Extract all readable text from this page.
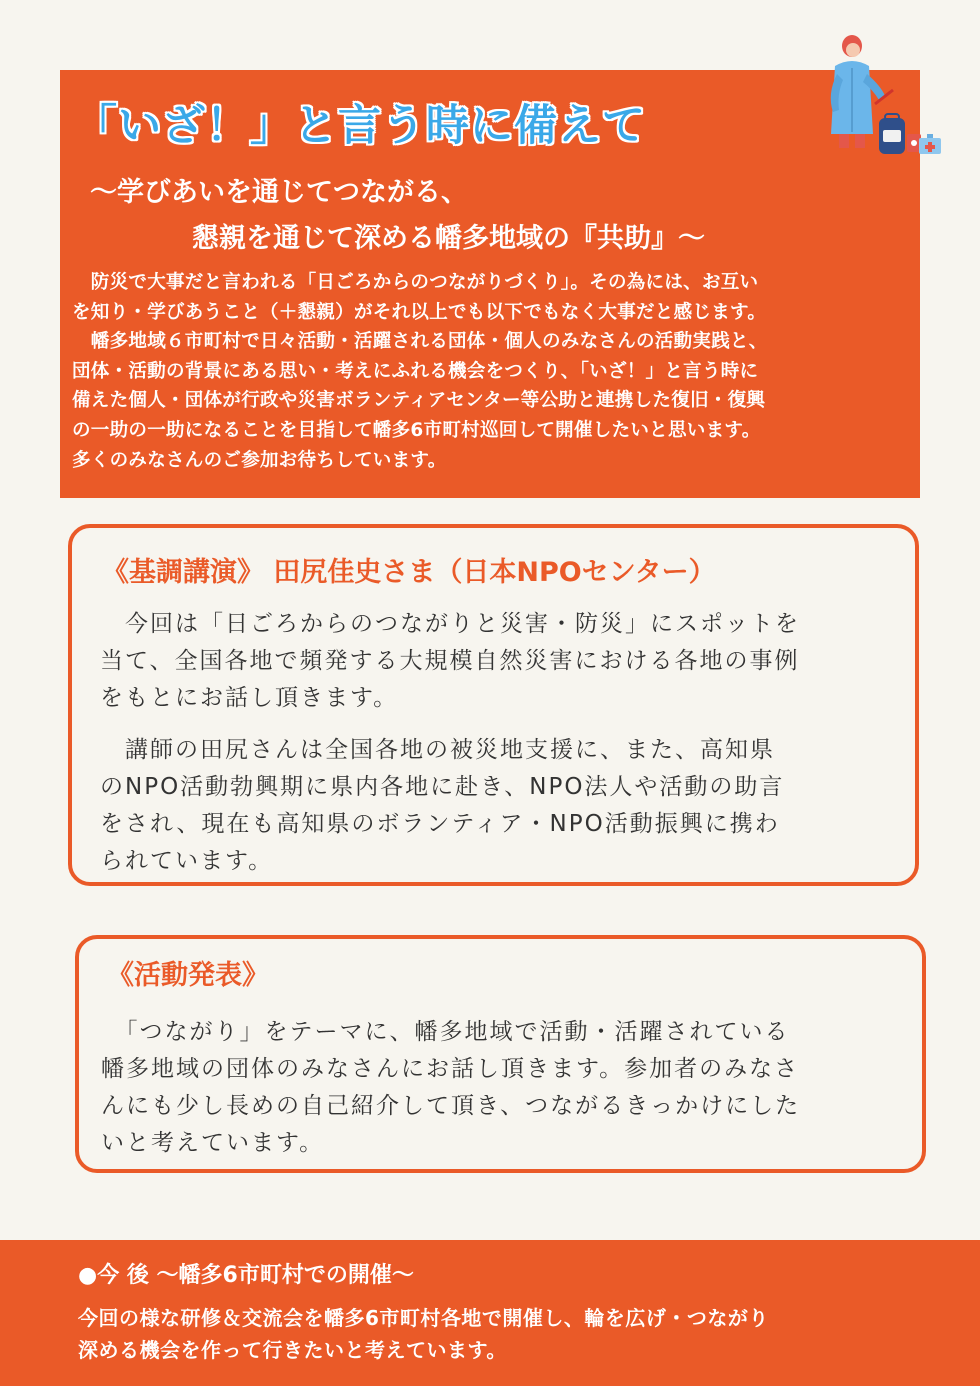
「いざ！」と言う時に備えて
～学びあいを通じてつながる、
懇親を通じて深める幡多地域の『共助』～

　防災で大事だと言われる「日ごろからのつながりづくり」。その為には、お互い
を知り・学びあうこと（＋懇親）がそれ以上でも以下でもなく大事だと感じます。

　幡多地域６市町村で日々活動・活躍される団体・個人のみなさんの活動実践と、
団体・活動の背景にある思い・考えにふれる機会をつくり、「いざ！」と言う時に
備えた個人・団体が行政や災害ボランティアセンター等公助と連携した復旧・復興
の一助の一助になることを目指して幡多6市町村巡回して開催したいと思います。

多くのみなさんのご参加お待ちしています。

《基調講演》 田尻佳史さま（日本NPOセンター）

　今回は「日ごろからのつながりと災害・防災」にスポットを
当て、全国各地で頻発する大規模自然災害における各地の事例
をもとにお話し頂きます。

　講師の田尻さんは全国各地の被災地支援に、また、高知県
のNPO活動勃興期に県内各地に赴き、NPO法人や活動の助言
をされ、現在も高知県のボランティア・NPO活動振興に携わ
られています。

《活動発表》

　「つながり」をテーマに、幡多地域で活動・活躍されている
幡多地域の団体のみなさんにお話し頂きます。参加者のみなさ
んにも少し長めの自己紹介して頂き、つながるきっかけにした
いと考えています。

●今 後 ～幡多6市町村での開催～

今回の様な研修＆交流会を幡多6市町村各地で開催し、輪を広げ・つながり
深める機会を作って行きたいと考えています。
